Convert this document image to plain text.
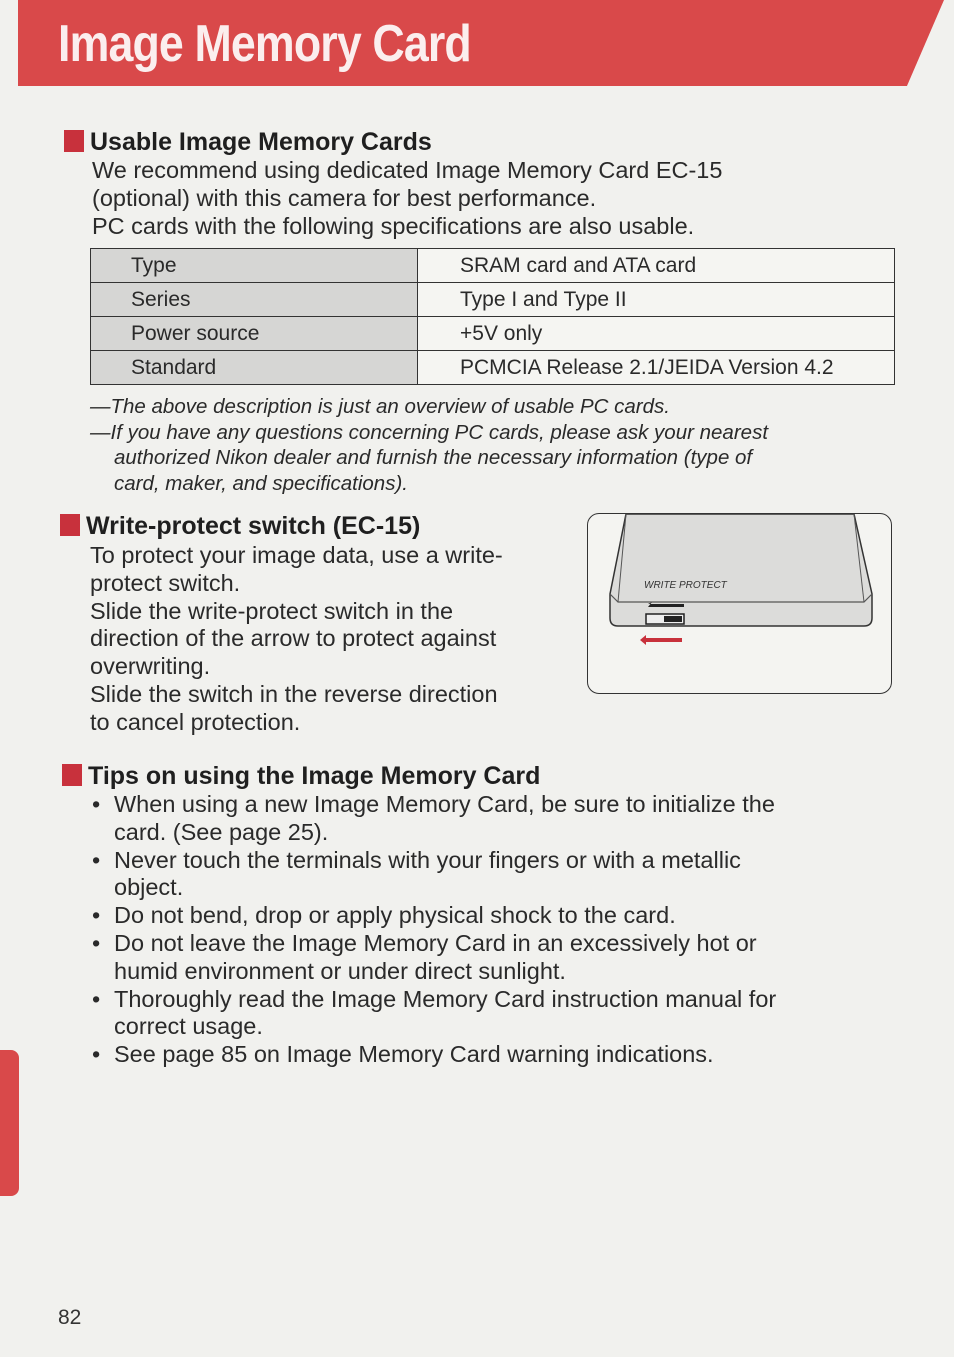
Image Memory Card
Usable Image Memory Cards
We recommend using dedicated Image Memory Card EC-15
(optional) with this camera for best performance.
PC cards with the following specifications are also usable.
Type	SRAM card and ATA card
Series	Type I and Type II
Power source	+5V only
Standard	PCMCIA Release 2.1/JEIDA Version 4.2
—The above description is just an overview of usable PC cards.
—If you have any questions concerning PC cards, please ask your nearest
authorized Nikon dealer and furnish the necessary information (type of
card, maker, and specifications).
Write-protect switch (EC-15)
To protect your image data, use a write-
protect switch.
Slide the write-protect switch in the
direction of the arrow to protect against
overwriting.
Slide the switch in the reverse direction
to cancel protection.
WRITE PROTECT
Tips on using the Image Memory Card
• When using a new Image Memory Card, be sure to initialize the
card. (See page 25).
• Never touch the terminals with your fingers or with a metallic
object.
• Do not bend, drop or apply physical shock to the card.
• Do not leave the Image Memory Card in an excessively hot or
humid environment or under direct sunlight.
• Thoroughly read the Image Memory Card instruction manual for
correct usage.
• See page 85 on Image Memory Card warning indications.
82
